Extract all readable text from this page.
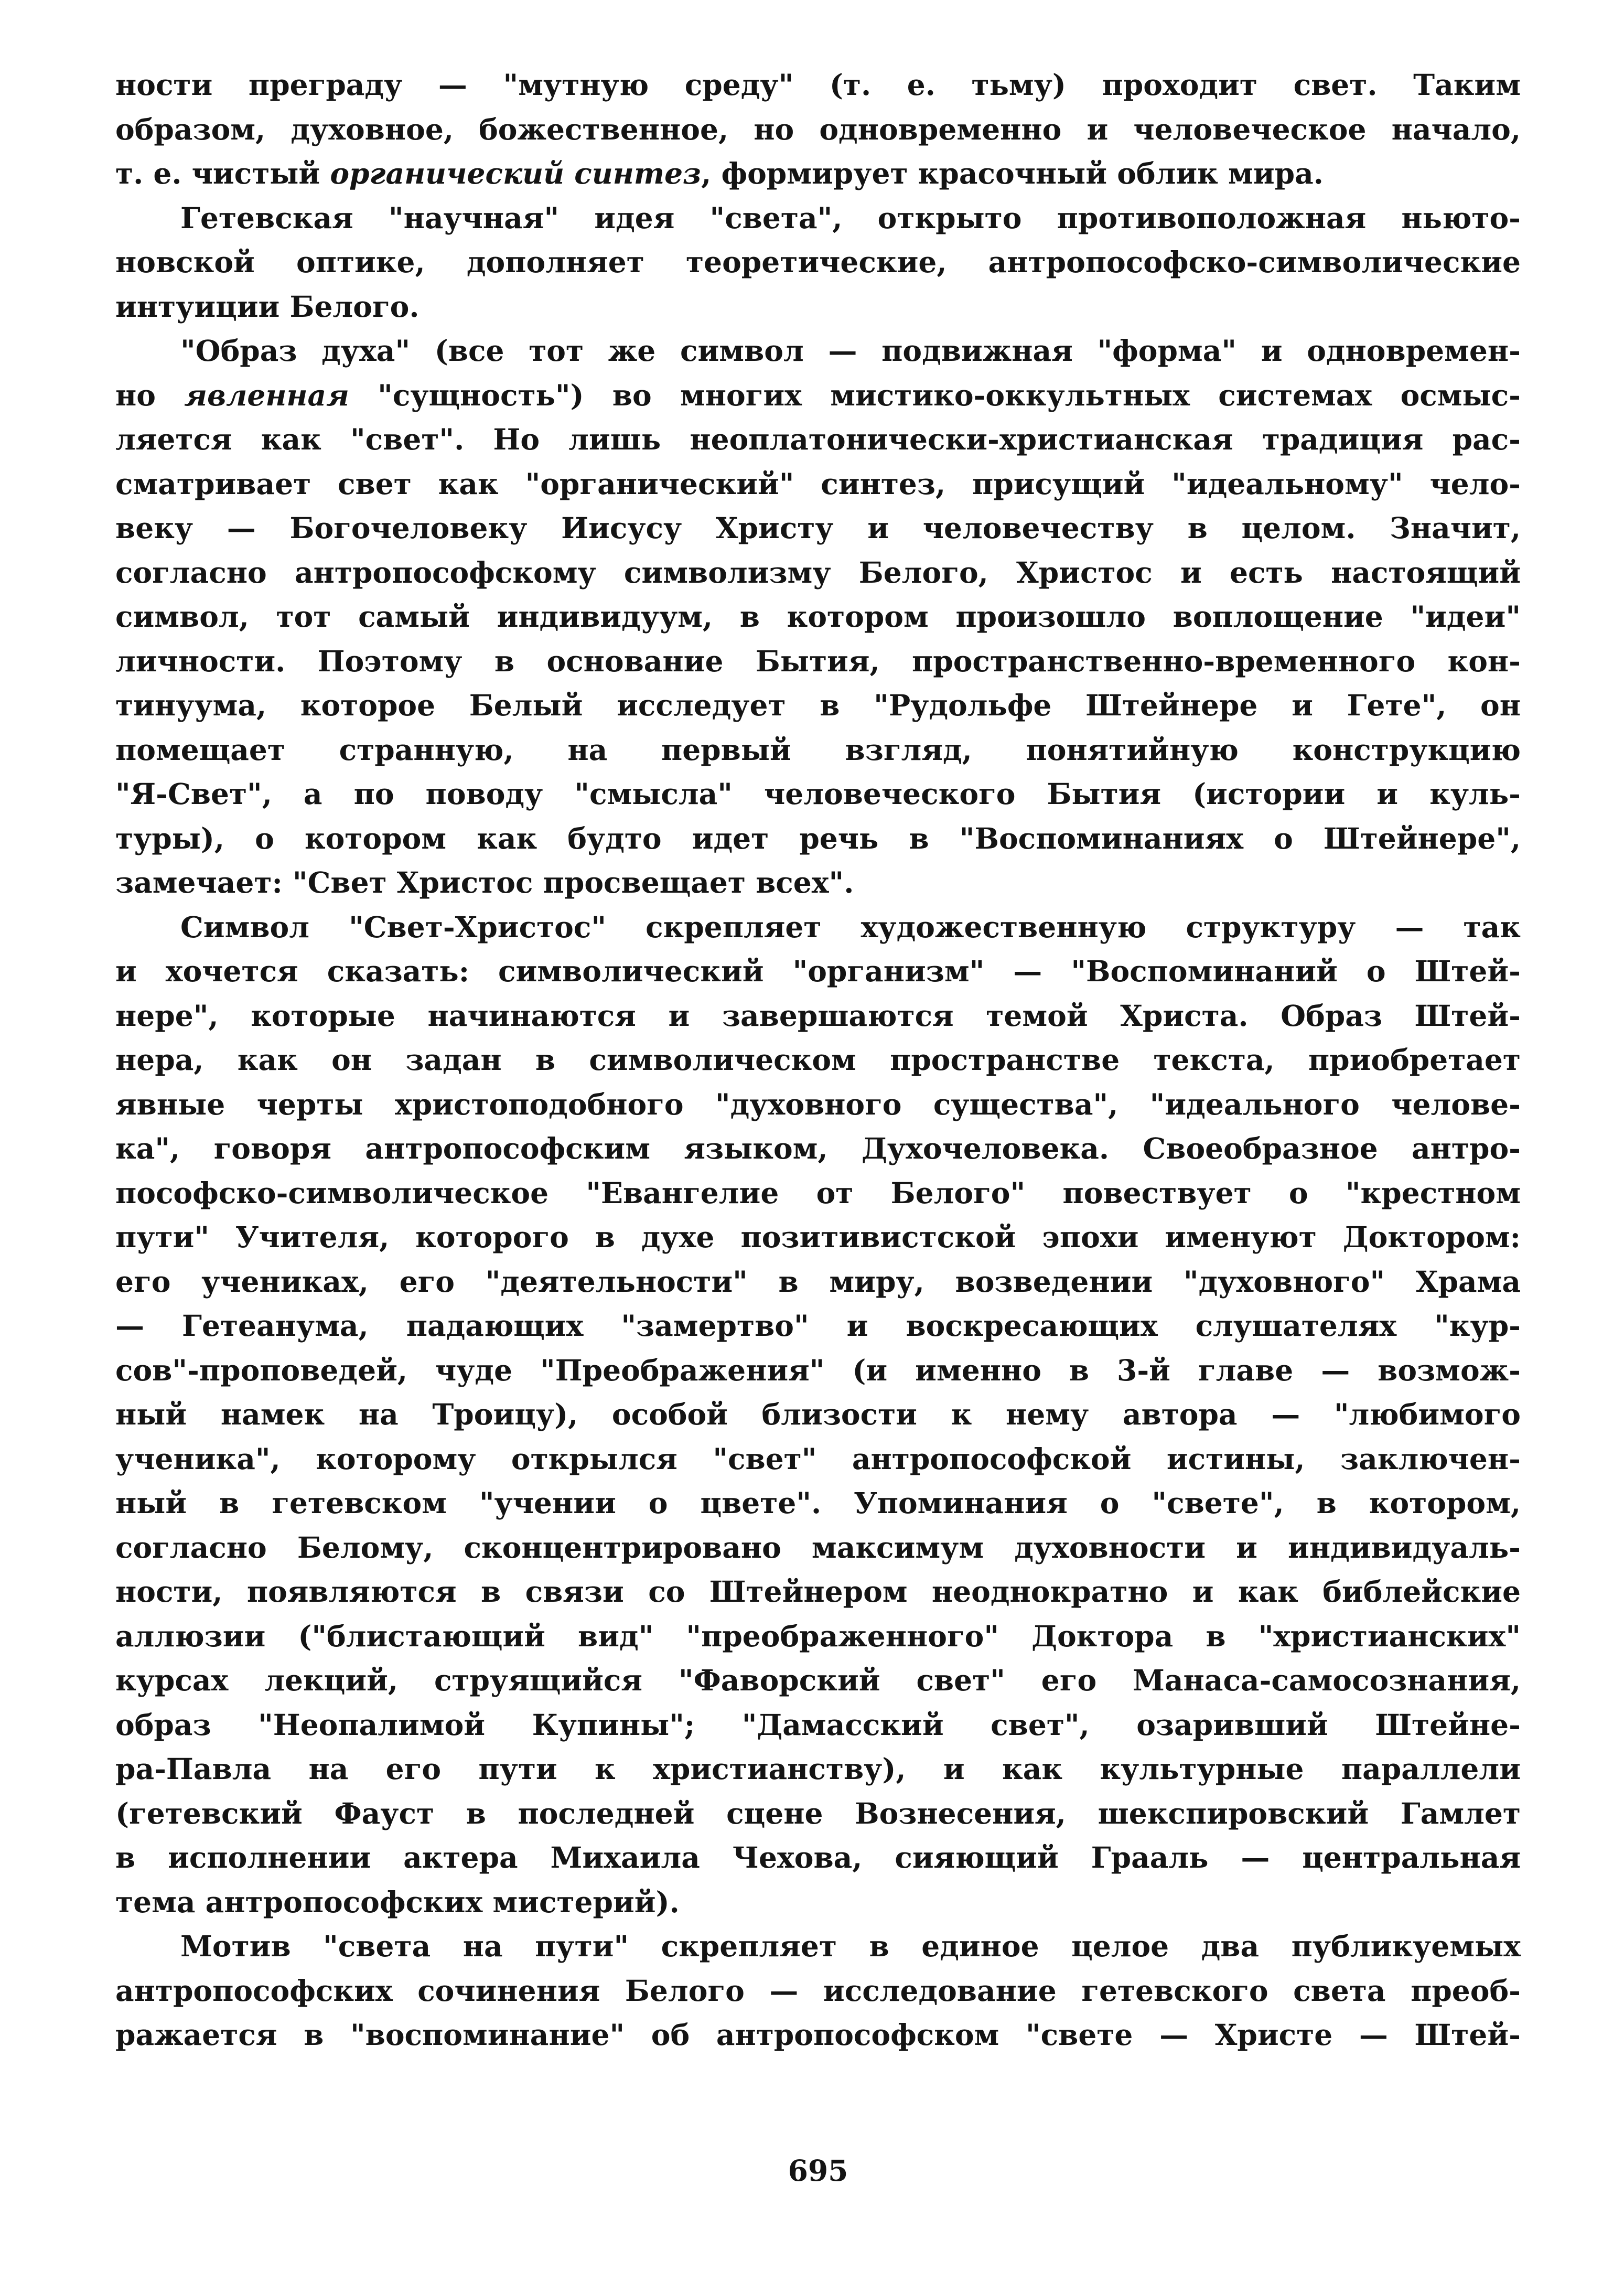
ности преграду — "мутную среду" (т. е. тьму) проходит свет. Таким
образом, духовное, божественное, но одновременно и человеческое начало,
т. е. чистый органический синтез, формирует красочный облик мира.
Гетевская "научная" идея "света", открыто противоположная ньюто-
новской оптике, дополняет теоретические, антропософско-символические
интуиции Белого.
"Образ духа" (все тот же символ — подвижная "форма" и одновремен-
но явленная "сущность") во многих мистико-оккультных системах осмыс-
ляется как "свет". Но лишь неоплатонически-христианская традиция рас-
сматривает свет как "органический" синтез, присущий "идеальному" чело-
веку — Богочеловеку Иисусу Христу и человечеству в целом. Значит,
согласно антропософскому символизму Белого, Христос и есть настоящий
символ, тот самый индивидуум, в котором произошло воплощение "идеи"
личности. Поэтому в основание Бытия, пространственно-временного кон-
тинуума, которое Белый исследует в "Рудольфе Штейнере и Гете", он
помещает странную, на первый взгляд, понятийную конструкцию
"Я-Свет", а по поводу "смысла" человеческого Бытия (истории и куль-
туры), о котором как будто идет речь в "Воспоминаниях о Штейнере",
замечает: "Свет Христос просвещает всех".
Символ "Свет-Христос" скрепляет художественную структуру — так
и хочется сказать: символический "организм" — "Воспоминаний о Штей-
нере", которые начинаются и завершаются темой Христа. Образ Штей-
нера, как он задан в символическом пространстве текста, приобретает
явные черты христоподобного "духовного существа", "идеального челове-
ка", говоря антропософским языком, Духочеловека. Своеобразное антро-
пософско-символическое "Евангелие от Белого" повествует о "крестном
пути" Учителя, которого в духе позитивистской эпохи именуют Доктором:
его учениках, его "деятельности" в миру, возведении "духовного" Храма
— Гетеанума, падающих "замертво" и воскресающих слушателях "кур-
сов"-проповедей, чуде "Преображения" (и именно в 3-й главе — возмож-
ный намек на Троицу), особой близости к нему автора — "любимого
ученика", которому открылся "свет" антропософской истины, заключен-
ный в гетевском "учении о цвете". Упоминания о "свете", в котором,
согласно Белому, сконцентрировано максимум духовности и индивидуаль-
ности, появляются в связи со Штейнером неоднократно и как библейские
аллюзии ("блистающий вид" "преображенного" Доктора в "христианских"
курсах лекций, струящийся "Фаворский свет" его Манаса-самосознания,
образ "Неопалимой Купины"; "Дамасский свет", озаривший Штейне-
ра-Павла на его пути к христианству), и как культурные параллели
(гетевский Фауст в последней сцене Вознесения, шекспировский Гамлет
в исполнении актера Михаила Чехова, сияющий Грааль — центральная
тема антропософских мистерий).
Мотив "света на пути" скрепляет в единое целое два публикуемых
антропософских сочинения Белого — исследование гетевского света преоб-
ражается в "воспоминание" об антропософском "свете — Христе — Штей-
695
